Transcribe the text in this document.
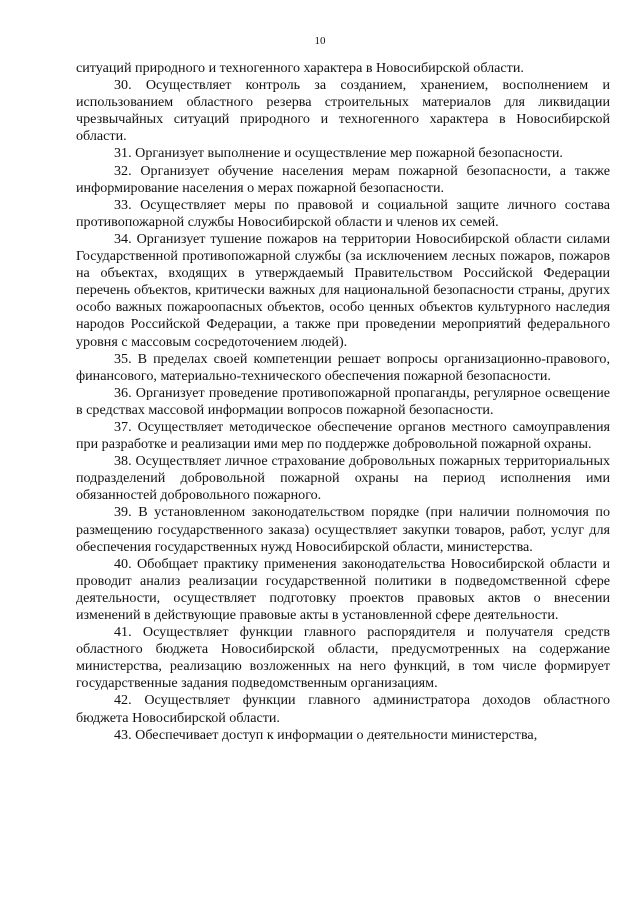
10

ситуаций природного и техногенного характера в Новосибирской области.

30. Осуществляет контроль за созданием, хранением, восполнением и использованием областного резерва строительных материалов для ликвидации чрезвычайных ситуаций природного и техногенного характера в Новосибирской области.

31. Организует выполнение и осуществление мер пожарной безопасности.

32. Организует обучение населения мерам пожарной безопасности, а также информирование населения о мерах пожарной безопасности.

33. Осуществляет меры по правовой и социальной защите личного состава противопожарной службы Новосибирской области и членов их семей.

34. Организует тушение пожаров на территории Новосибирской области силами Государственной противопожарной службы (за исключением лесных пожаров, пожаров на объектах, входящих в утверждаемый Правительством Российской Федерации перечень объектов, критически важных для национальной безопасности страны, других особо важных пожароопасных объектов, особо ценных объектов культурного наследия народов Российской Федерации, а также при проведении мероприятий федерального уровня с массовым сосредоточением людей).

35. В пределах своей компетенции решает вопросы организационно-правового, финансового, материально-технического обеспечения пожарной безопасности.

36. Организует проведение противопожарной пропаганды, регулярное освещение в средствах массовой информации вопросов пожарной безопасности.

37. Осуществляет методическое обеспечение органов местного самоуправления при разработке и реализации ими мер по поддержке добровольной пожарной охраны.

38. Осуществляет личное страхование добровольных пожарных территориальных подразделений добровольной пожарной охраны на период исполнения ими обязанностей добровольного пожарного.

39. В установленном законодательством порядке (при наличии полномочия по размещению государственного заказа) осуществляет закупки товаров, работ, услуг для обеспечения государственных нужд Новосибирской области, министерства.

40. Обобщает практику применения законодательства Новосибирской области и проводит анализ реализации государственной политики в подведомственной сфере деятельности, осуществляет подготовку проектов правовых актов о внесении изменений в действующие правовые акты в установленной сфере деятельности.

41. Осуществляет функции главного распорядителя и получателя средств областного бюджета Новосибирской области, предусмотренных на содержание министерства, реализацию возложенных на него функций, в том числе формирует государственные задания подведомственным организациям.

42. Осуществляет функции главного администратора доходов областного бюджета Новосибирской области.

43. Обеспечивает доступ к информации о деятельности министерства,
